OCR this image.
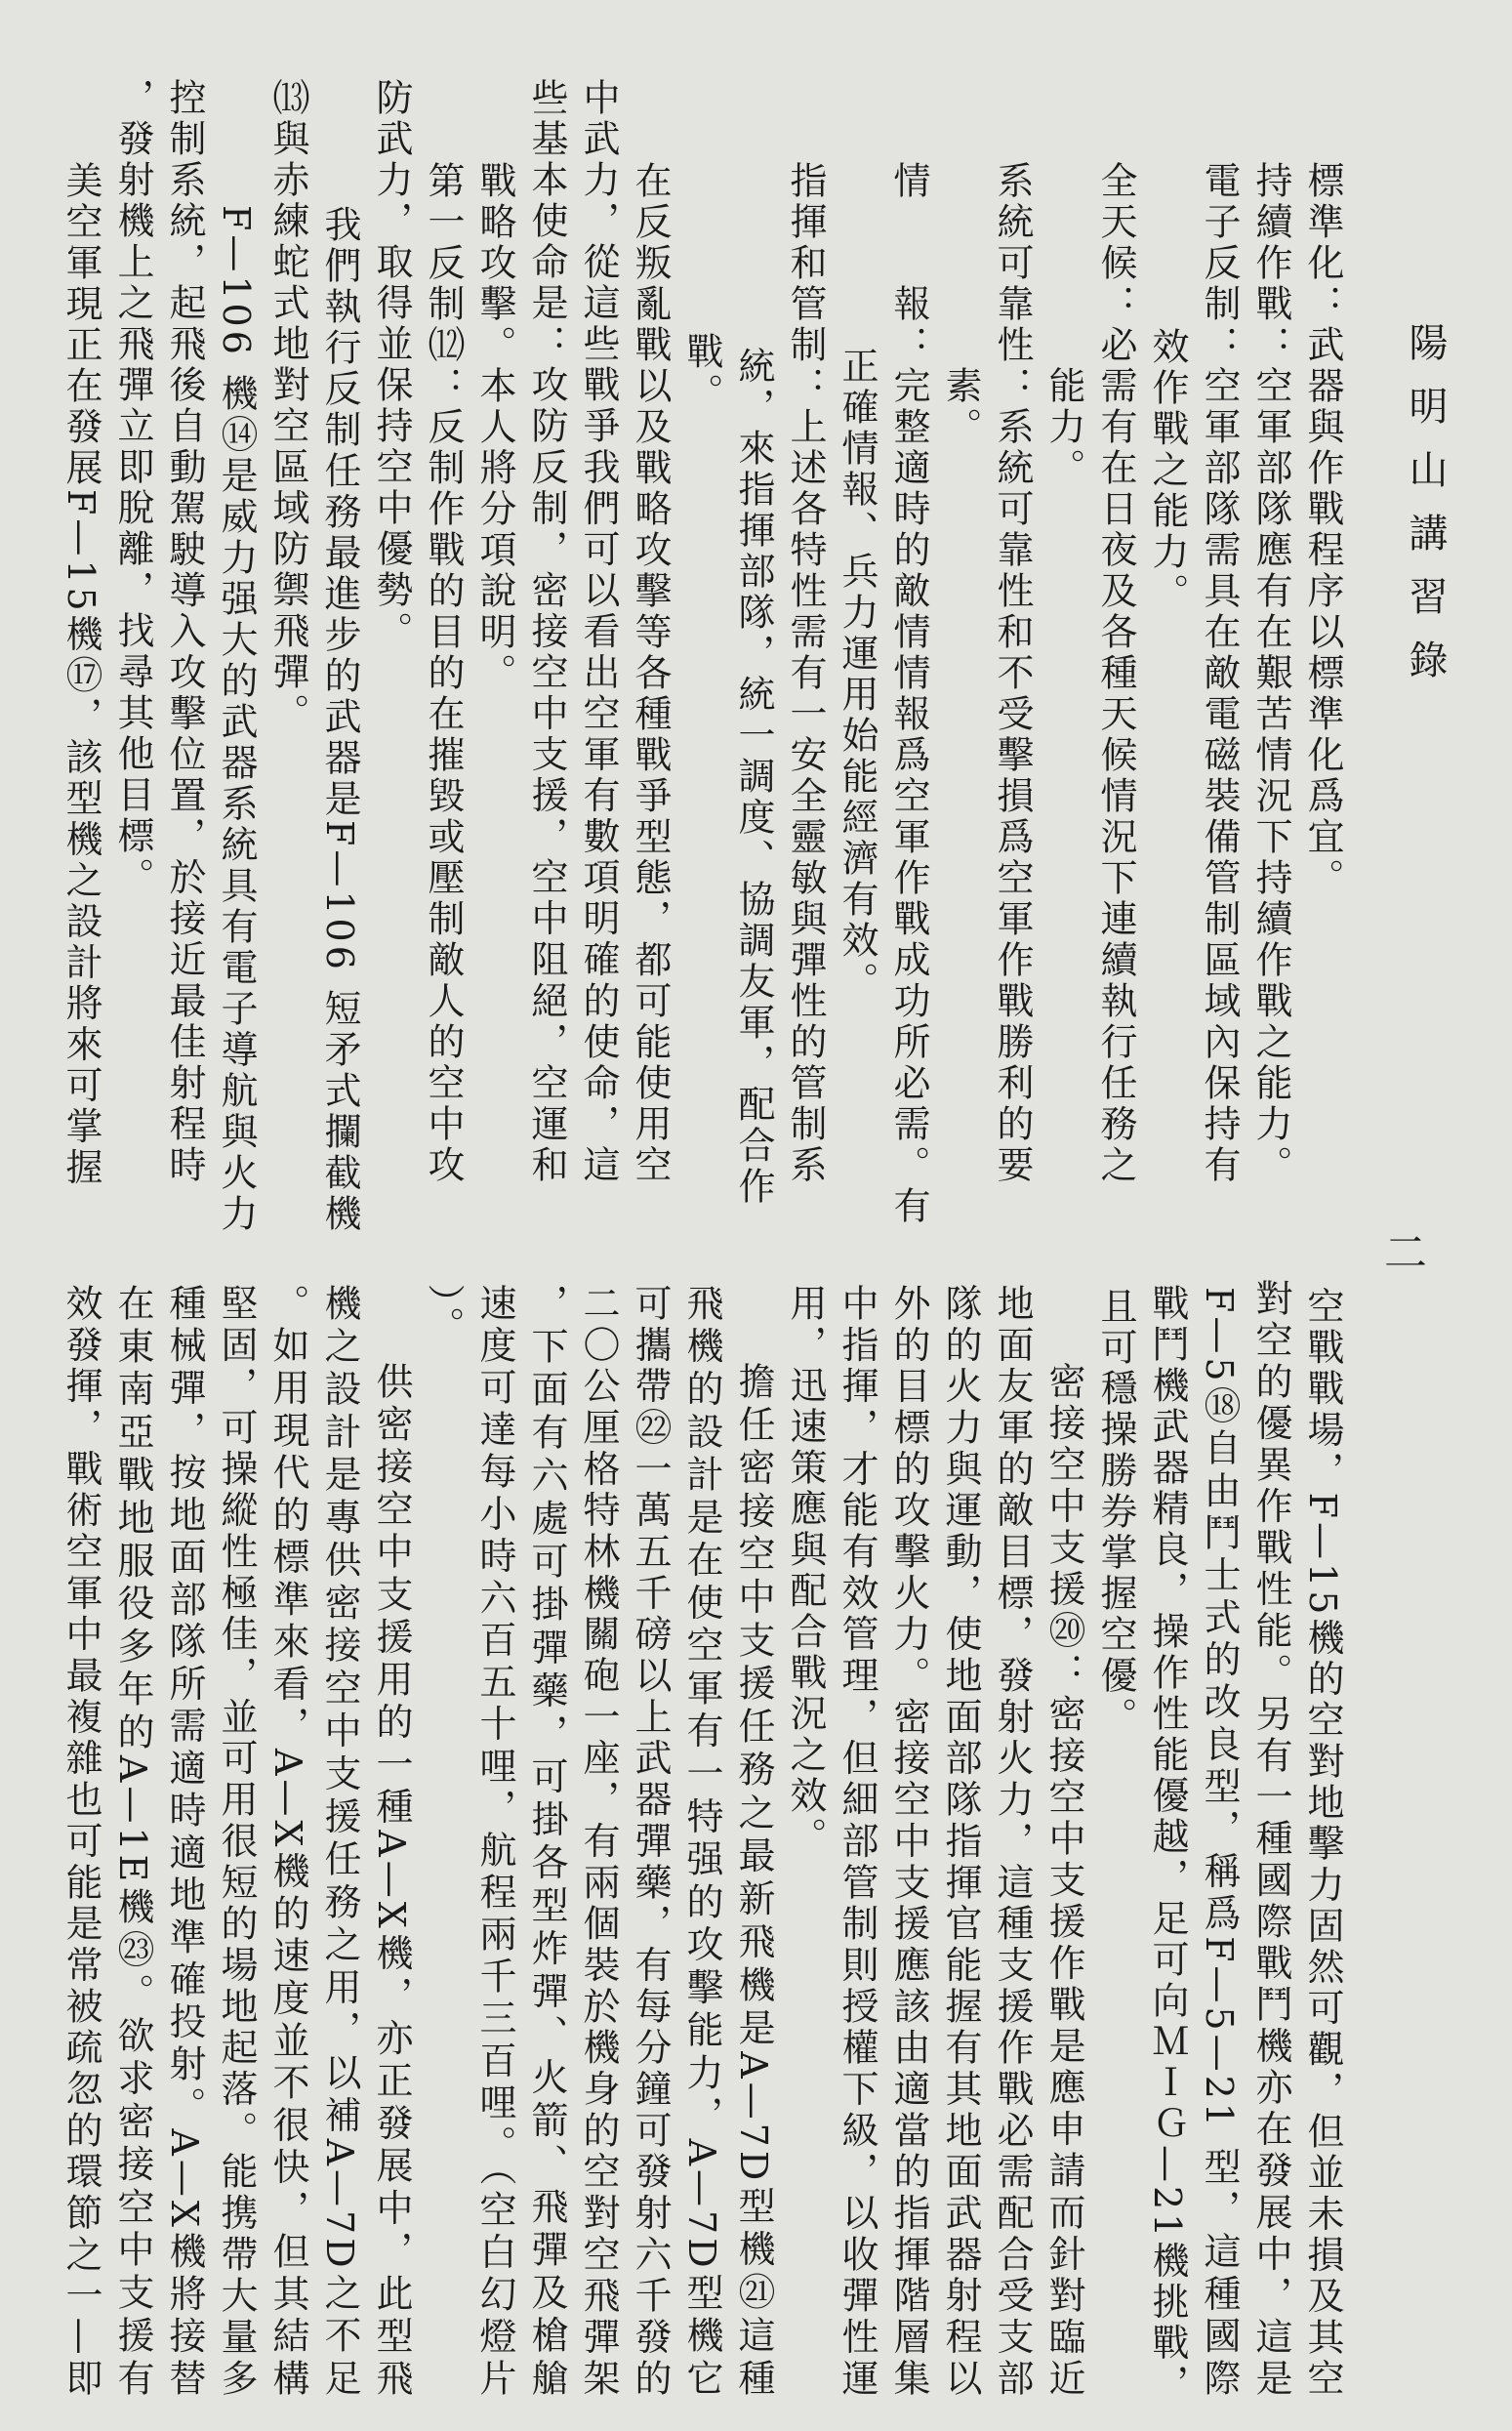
陽明山講習錄
二
標準化：武器與作戰程序以標準化爲宜。
持續作戰：空軍部隊應有在艱苦情況下持續作戰之能力。
電子反制：空軍部隊需具在敵電磁裝備管制區域內保持有
效作戰之能力。
全天候：必需有在日夜及各種天候情況下連續執行任務之
能力。
系統可靠性：系統可靠性和不受擊損爲空軍作戰勝利的要
素。
情　　報：完整適時的敵情情報爲空軍作戰成功所必需。有
正確情報、兵力運用始能經濟有效。
指揮和管制：上述各特性需有一安全靈敏與彈性的管制系
統，來指揮部隊，統一調度、協調友軍，配合作
戰。
在反叛亂戰以及戰略攻擊等各種戰爭型態，都可能使用空
中武力，從這些戰爭我們可以看出空軍有數項明確的使命，這
些基本使命是：攻防反制，密接空中支援，空中阻絕，空運和
戰略攻擊。本人將分項說明。
第一反制⑿：反制作戰的目的在摧毀或壓制敵人的空中攻
防武力，取得並保持空中優勢。
我們執行反制任務最進步的武器是F—106 短矛式攔截機
⒀與赤練蛇式地對空區域防禦飛彈。
F—106 機⑭是威力强大的武器系統具有電子導航與火力
控制系統，起飛後自動駕駛導入攻擊位置，於接近最佳射程時
，發射機上之飛彈立即脫離，找尋其他目標。
美空軍現正在發展F—15機⑰，該型機之設計將來可掌握
空戰戰場，F—15機的空對地擊力固然可觀，但並未損及其空
對空的優異作戰性能。另有一種國際戰鬥機亦在發展中，這是
F—5⑱自由鬥士式的改良型，稱爲F—5—21 型，這種國際
戰鬥機武器精良，操作性能優越，足可向ＭＩＧ—21機挑戰，
且可穩操勝券掌握空優。
密接空中支援⑳：密接空中支援作戰是應申請而針對臨近
地面友軍的敵目標，發射火力，這種支援作戰必需配合受支部
隊的火力與運動，使地面部隊指揮官能握有其地面武器射程以
外的目標的攻擊火力。密接空中支援應該由適當的指揮階層集
中指揮，才能有效管理，但細部管制則授權下級，以收彈性運
用，迅速策應與配合戰況之效。
擔任密接空中支援任務之最新飛機是A—7D型機㉑這種
飛機的設計是在使空軍有一特强的攻擊能力，A—7D型機它
可攜帶㉒一萬五千磅以上武器彈藥，有每分鐘可發射六千發的
二〇公厘格特林機關砲一座，有兩個裝於機身的空對空飛彈架
，下面有六處可掛彈藥，可掛各型炸彈、火箭、飛彈及槍艙
速度可達每小時六百五十哩，航程兩千三百哩。（空白幻燈片
）。
供密接空中支援用的一種A—X機，亦正發展中，此型飛
機之設計是專供密接空中支援任務之用，以補A—7D之不足
。如用現代的標準來看，A—X機的速度並不很快，但其結構
堅固，可操縱性極佳，並可用很短的場地起落。能携帶大量多
種械彈，按地面部隊所需適時適地準確投射。A—X機將接替
在東南亞戰地服役多年的A—1E機㉓。欲求密接空中支援有
效發揮，戰術空軍中最複雜也可能是常被疏忽的環節之一—即
